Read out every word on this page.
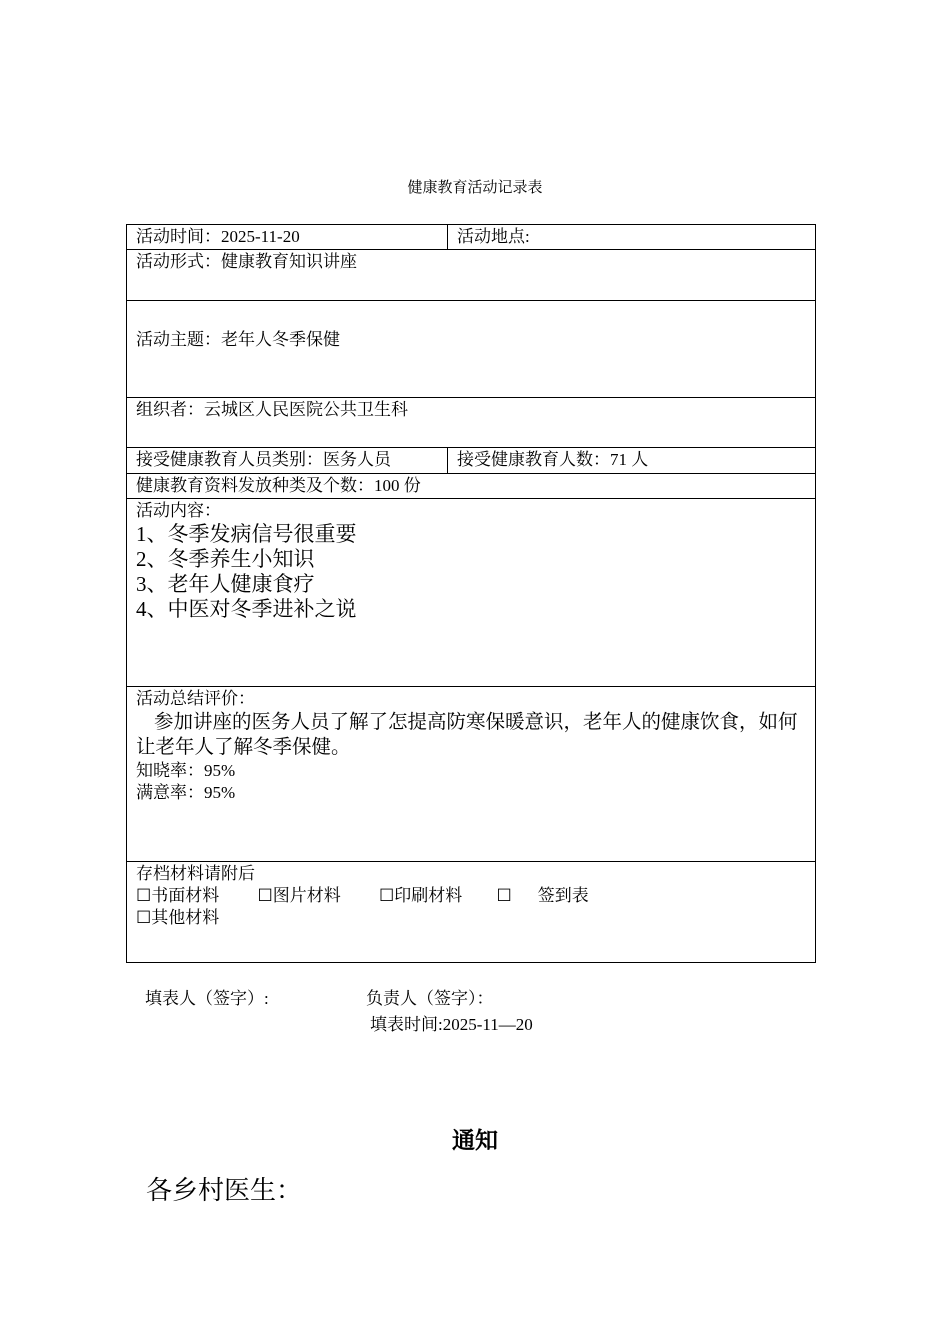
健康教育活动记录表
活动时间：2025-11-20	活动地点:
活动形式：健康教育知识讲座	
活动主题：老年人冬季保健	
组织者：云城区人民医院公共卫生科	
接受健康教育人员类别：医务人员	接受健康教育人数：71 人
健康教育资料发放种类及个数：100 份	

活动内容：
1、冬季发病信号很重要
2、冬季养生小知识
3、老年人健康食疗
4、中医对冬季进补之说	

活动总结评价：
参加讲座的医务人员了解了怎提高防寒保暖意识，老年人的健康饮食，如何让老年人了解冬季保健。
知晓率：95%
满意率：95%	

存档材料请附后
☐书面材料 ☐图片材料 ☐印刷材料 ☐ 签到表
☐其他材料	
填表人（签字）:	负责人（签字）：
填表时间:2025-11—20
通知
各乡村医生：
